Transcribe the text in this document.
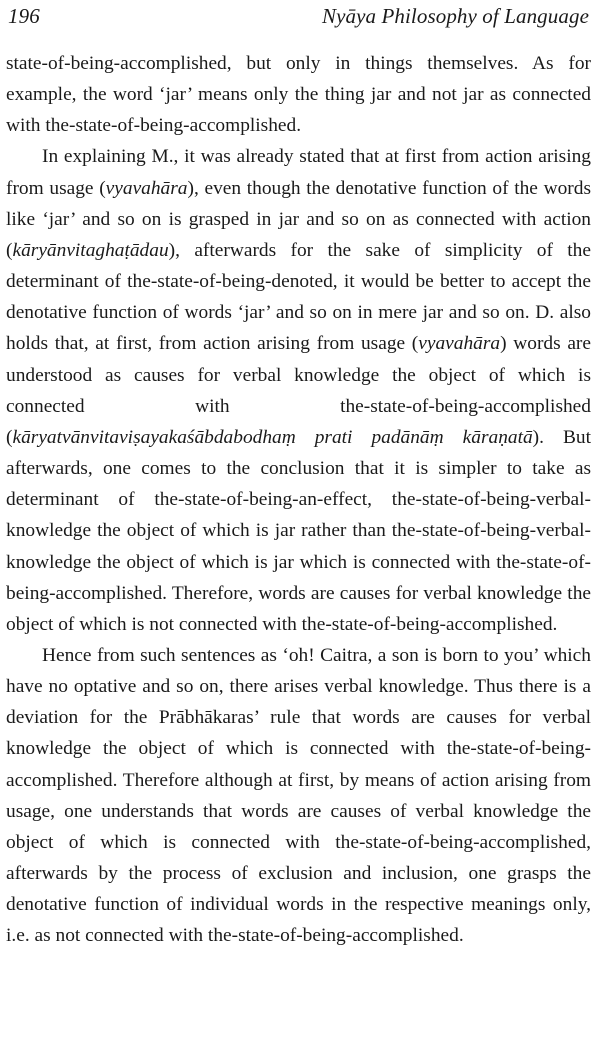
196	Nyāya Philosophy of Language

state-of-being-accomplished, but only in things themselves. As for example, the word ‘jar’ means only the thing jar and not jar as connected with the-state-of-being-accomplished.

In explaining M., it was already stated that at first from action arising from usage (vyavahāra), even though the denotative function of the words like ‘jar’ and so on is grasped in jar and so on as connected with action (kāryānvitaghaṭādau), afterwards for the sake of simplicity of the determinant of the-state-of-being-denoted, it would be better to accept the denotative function of words ‘jar’ and so on in mere jar and so on. D. also holds that, at first, from action arising from usage (vyavahāra) words are understood as causes for verbal knowledge the object of which is connected with the-state-of-being-accomplished (kāryatvānvitaviṣayakaśābdabodhaṃ prati padānāṃ kāraṇatā). But afterwards, one comes to the conclusion that it is simpler to take as determinant of the-state-of-being-an-effect, the-state-of-being-verbal-knowledge the object of which is jar rather than the-state-of-being-verbal-knowledge the object of which is jar which is connected with the-state-of-being-accomplished. Therefore, words are causes for verbal knowledge the object of which is not connected with the-state-of-being-accomplished.

Hence from such sentences as ‘oh! Caitra, a son is born to you’ which have no optative and so on, there arises verbal knowledge. Thus there is a deviation for the Prābhākaras’ rule that words are causes for verbal knowledge the object of which is connected with the-state-of-being-accomplished. Therefore although at first, by means of action arising from usage, one understands that words are causes of verbal knowledge the object of which is connected with the-state-of-being-accomplished, afterwards by the process of exclusion and inclusion, one grasps the denotative function of individual words in the respective meanings only, i.e. as not connected with the-state-of-being-accomplished.
